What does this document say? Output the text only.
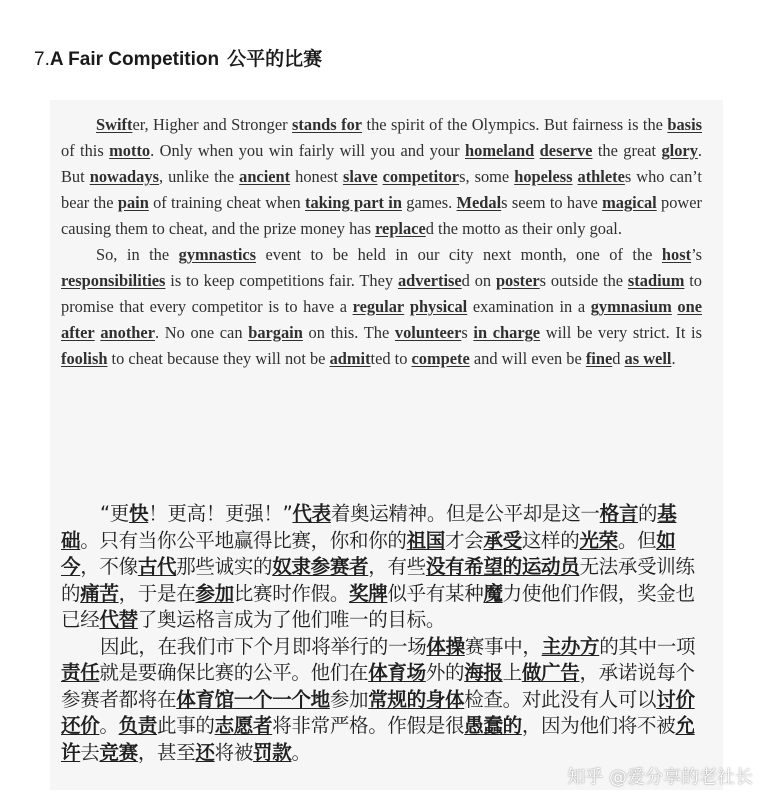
7.A Fair Competition 公平的比赛

Swifter, Higher and Stronger stands for the spirit of the Olympics. But fairness is the basis of this motto. Only when you win fairly will you and your homeland deserve the great glory. But nowadays, unlike the ancient honest slave competitors, some hopeless athletes who can’t bear the pain of training cheat when taking part in games. Medals seem to have magical power causing them to cheat, and the prize money has replaced the motto as their only goal.

So, in the gymnastics event to be held in our city next month, one of the host’s responsibilities is to keep competitions fair. They advertised on posters outside the stadium to promise that every competitor is to have a regular physical examination in a gymnasium one after another. No one can bargain on this. The volunteers in charge will be very strict. It is foolish to cheat because they will not be admitted to compete and will even be fined as well.

“更快！更高！更强！”代表着奥运精神。但是公平却是这一格言的基础。只有当你公平地赢得比赛，你和你的祖国才会承受这样的光荣。但如今，不像古代那些诚实的奴隶参赛者，有些没有希望的运动员无法承受训练的痛苦，于是在参加比赛时作假。奖牌似乎有某种魔力使他们作假，奖金也已经代替了奥运格言成为了他们唯一的目标。

因此，在我们市下个月即将举行的一场体操赛事中，主办方的其中一项责任就是要确保比赛的公平。他们在体育场外的海报上做广告，承诺说每个参赛者都将在体育馆一个一个地参加常规的身体检查。对此没有人可以讨价还价。负责此事的志愿者将非常严格。作假是很愚蠢的，因为他们将不被允许去竞赛，甚至还将被罚款。

知乎 @爱分享的老社长
